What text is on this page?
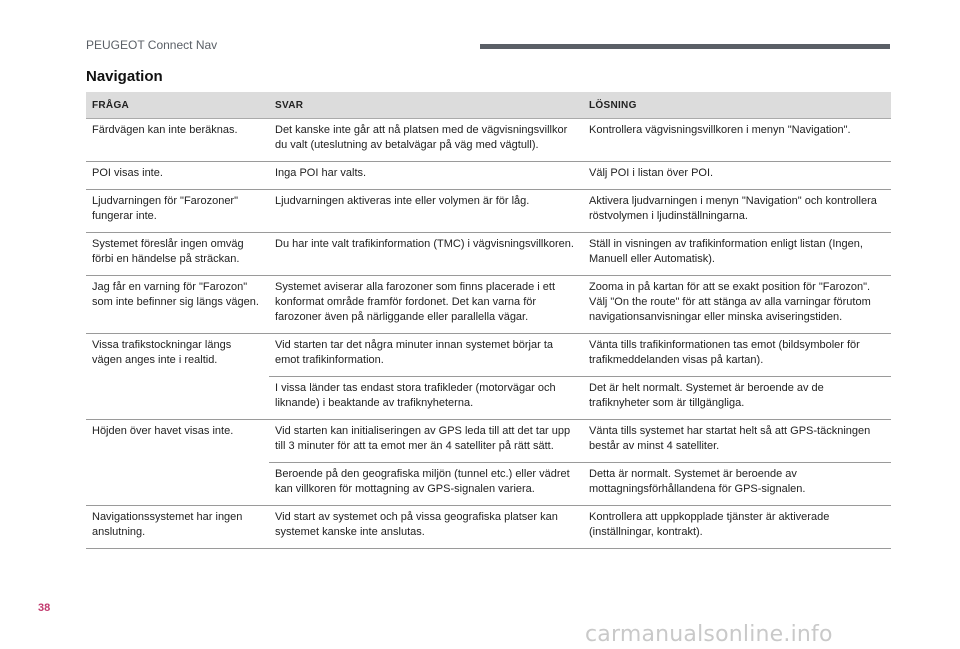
PEUGEOT Connect Nav
Navigation
FRÅGA	SVAR	LÖSNING
Färdvägen kan inte beräknas.	Det kanske inte går att nå platsen med de vägvisningsvillkor du valt (uteslutning av betalvägar på väg med vägtull).	Kontrollera vägvisningsvillkoren i menyn "Navigation".
POI visas inte.	Inga POI har valts.	Välj POI i listan över POI.
Ljudvarningen för "Farozoner" fungerar inte.	Ljudvarningen aktiveras inte eller volymen är för låg.	Aktivera ljudvarningen i menyn "Navigation" och kontrollera röstvolymen i ljudinställningarna.
Systemet föreslår ingen omväg förbi en händelse på sträckan.	Du har inte valt trafikinformation (TMC) i vägvisningsvillkoren.	Ställ in visningen av trafikinformation enligt listan (Ingen, Manuell eller Automatisk).
Jag får en varning för "Farozon" som inte befinner sig längs vägen.	Systemet aviserar alla farozoner som finns placerade i ett konformat område framför fordonet. Det kan varna för farozoner även på närliggande eller parallella vägar.	Zooma in på kartan för att se exakt position för "Farozon". Välj "On the route" för att stänga av alla varningar förutom navigationsanvisningar eller minska aviseringstiden.
Vissa trafikstockningar längs vägen anges inte i realtid.	Vid starten tar det några minuter innan systemet börjar ta emot trafikinformation.	Vänta tills trafikinformationen tas emot (bildsymboler för trafikmeddelanden visas på kartan).
	I vissa länder tas endast stora trafikleder (motorvägar och liknande) i beaktande av trafiknyheterna.	Det är helt normalt. Systemet är beroende av de trafiknyheter som är tillgängliga.
Höjden över havet visas inte.	Vid starten kan initialiseringen av GPS leda till att det tar upp till 3 minuter för att ta emot mer än 4 satelliter på rätt sätt.	Vänta tills systemet har startat helt så att GPS-täckningen består av minst 4 satelliter.
	Beroende på den geografiska miljön (tunnel etc.) eller vädret kan villkoren för mottagning av GPS-signalen variera.	Detta är normalt. Systemet är beroende av mottagningsförhållandena för GPS-signalen.
Navigationssystemet har ingen anslutning.	Vid start av systemet och på vissa geografiska platser kan systemet kanske inte anslutas.	Kontrollera att uppkopplade tjänster är aktiverade (inställningar, kontrakt).
38
carmanualsonline.info
